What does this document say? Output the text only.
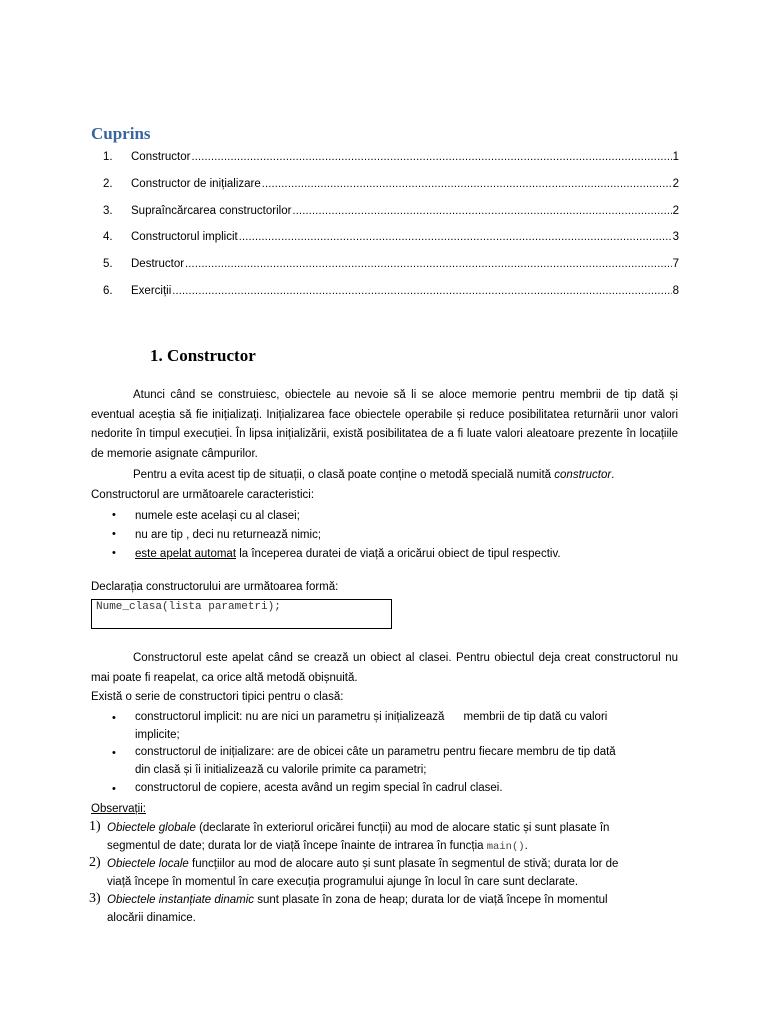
Cuprins
1.	Constructor .....	1
2.	Constructor de inițializare .....	2
3.	Supraîncărcarea constructorilor .....	2
4.	Constructorul implicit .....	3
5.	Destructor .....	7
6.	Exerciții .....	8
1. Constructor
Atunci când se construiesc, obiectele au nevoie să li se aloce memorie pentru membrii de tip dată și eventual aceștia să fie inițializați. Inițializarea face obiectele operabile și reduce posibilitatea returnării unor valori nedorite în timpul execuției. În lipsa inițializării, există posibilitatea de a fi luate valori aleatoare prezente în locațiile de memorie asignate câmpurilor.
Pentru a evita acest tip de situații, o clasă poate conține o metodă specială numită constructor.
Constructorul are următoarele caracteristici:
• numele este același cu al clasei;
• nu are tip , deci nu returnează nimic;
• este apelat automat la începerea duratei de viață a oricărui obiect de tipul respectiv.
Declarația constructorului are următoarea formă:
Nume_clasa(lista parametri);
Constructorul este apelat când se crează un obiect al clasei. Pentru obiectul deja creat constructorul nu mai poate fi reapelat, ca orice altă metodă obișnuită.
Există o serie de constructori tipici pentru o clasă:
• constructorul implicit: nu are nici un parametru și inițializează      membrii de tip dată cu valori
implicite;
• constructorul de inițializare: are de obicei câte un parametru pentru fiecare membru de tip dată
din clasă și îi initializează cu valorile primite ca parametri;
• constructorul de copiere, acesta având un regim special în cadrul clasei.
Observații:
1) Obiectele globale (declarate în exteriorul oricărei funcții) au mod de alocare static și sunt plasate în
segmentul de date; durata lor de viață începe înainte de intrarea în funcția main().
2) Obiectele locale funcțiilor au mod de alocare auto și sunt plasate în segmentul de stivă; durata lor de
viață începe în momentul în care execuția programului ajunge în locul în care sunt declarate.
3) Obiectele instanțiate dinamic sunt plasate în zona de heap; durata lor de viață începe în momentul
alocării dinamice.
